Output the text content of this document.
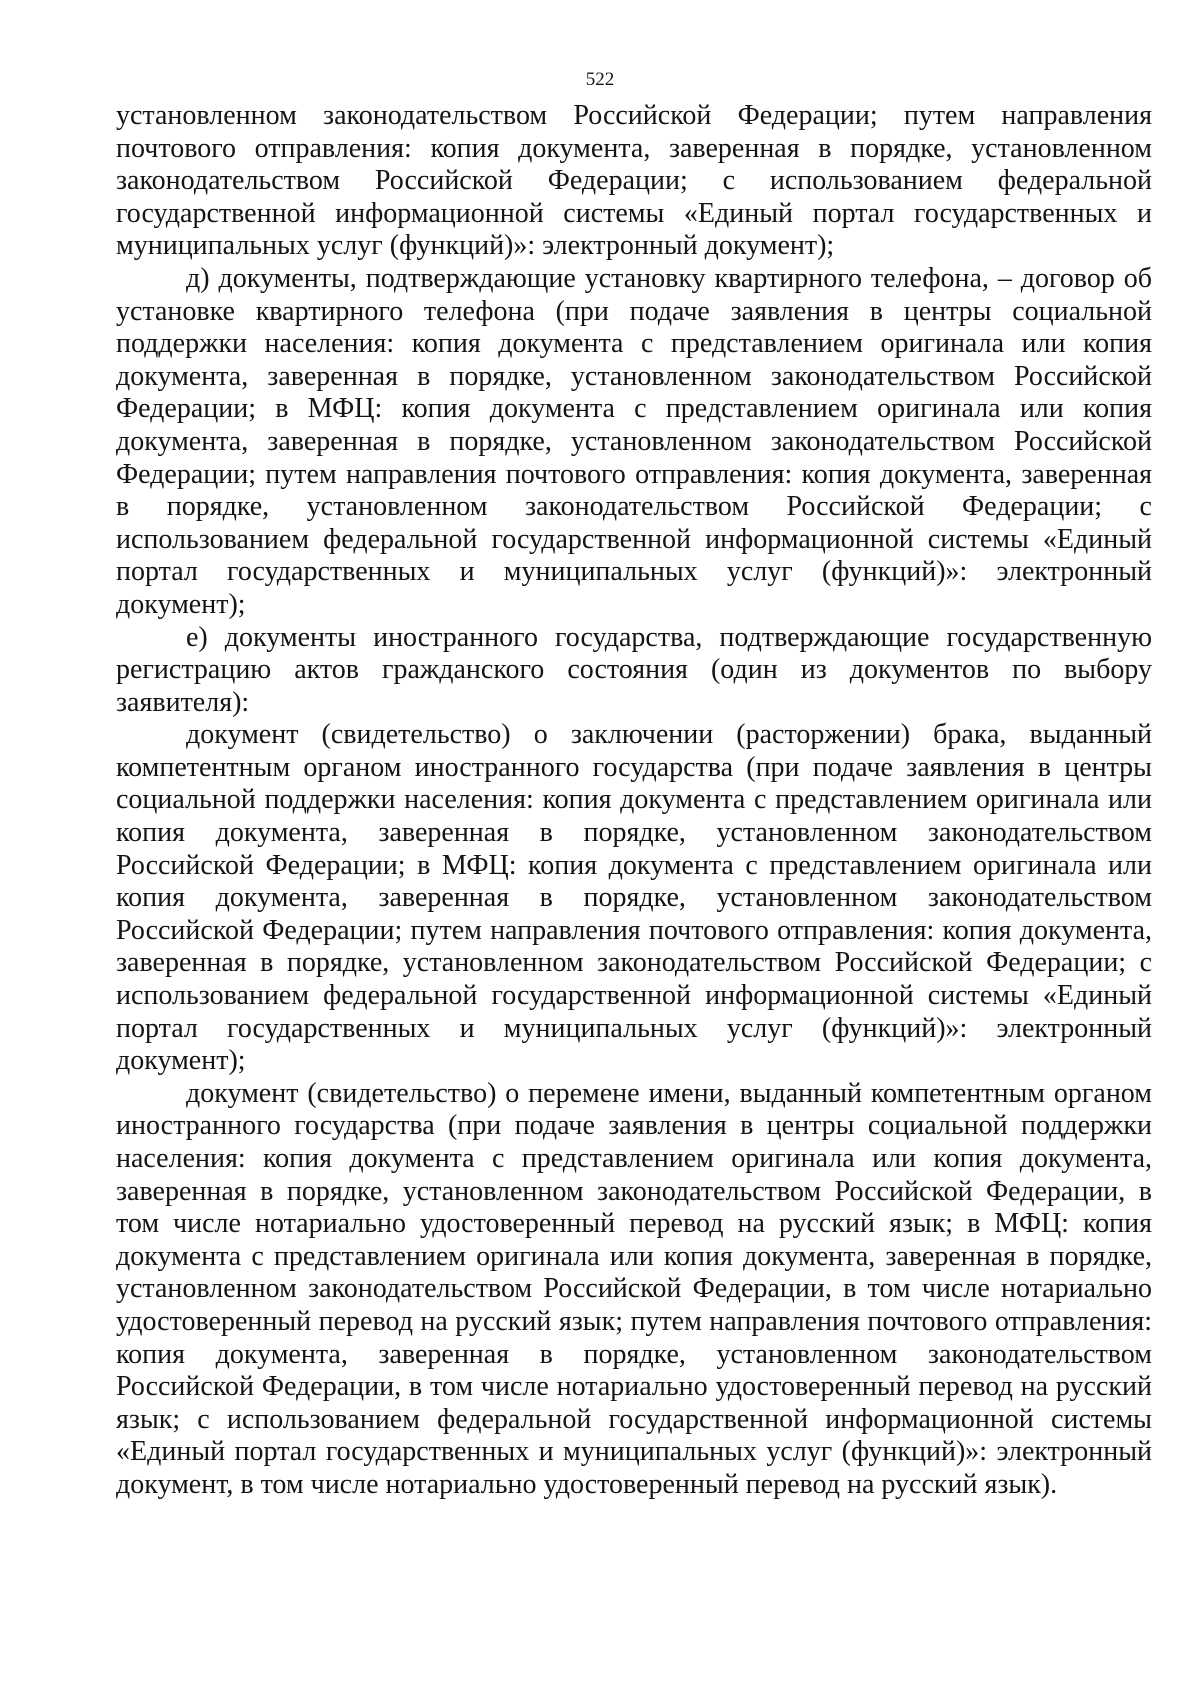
522

установленном законодательством Российской Федерации; путем направления почтового отправления: копия документа, заверенная в порядке, установленном законодательством Российской Федерации; с использованием федеральной государственной информационной системы «Единый портал государственных и муниципальных услуг (функций)»: электронный документ);

д) документы, подтверждающие установку квартирного телефона, – договор об установке квартирного телефона (при подаче заявления в центры социальной поддержки населения: копия документа с представлением оригинала или копия документа, заверенная в порядке, установленном законодательством Российской Федерации; в МФЦ: копия документа с представлением оригинала или копия документа, заверенная в порядке, установленном законодательством Российской Федерации; путем направления почтового отправления: копия документа, заверенная в порядке, установленном законодательством Российской Федерации; с использованием федеральной государственной информационной системы «Единый портал государственных и муниципальных услуг (функций)»: электронный документ);

е) документы иностранного государства, подтверждающие государственную регистрацию актов гражданского состояния (один из документов по выбору заявителя):

документ (свидетельство) о заключении (расторжении) брака, выданный компетентным органом иностранного государства (при подаче заявления в центры социальной поддержки населения: копия документа с представлением оригинала или копия документа, заверенная в порядке, установленном законодательством Российской Федерации; в МФЦ: копия документа с представлением оригинала или копия документа, заверенная в порядке, установленном законодательством Российской Федерации; путем направления почтового отправления: копия документа, заверенная в порядке, установленном законодательством Российской Федерации; с использованием федеральной государственной информационной системы «Единый портал государственных и муниципальных услуг (функций)»: электронный документ);

документ (свидетельство) о перемене имени, выданный компетентным органом иностранного государства (при подаче заявления в центры социальной поддержки населения: копия документа с представлением оригинала или копия документа, заверенная в порядке, установленном законодательством Российской Федерации, в том числе нотариально удостоверенный перевод на русский язык; в МФЦ: копия документа с представлением оригинала или копия документа, заверенная в порядке, установленном законодательством Российской Федерации, в том числе нотариально удостоверенный перевод на русский язык; путем направления почтового отправления: копия документа, заверенная в порядке, установленном законодательством Российской Федерации, в том числе нотариально удостоверенный перевод на русский язык; с использованием федеральной государственной информационной системы «Единый портал государственных и муниципальных услуг (функций)»: электронный документ, в том числе нотариально удостоверенный перевод на русский язык).
